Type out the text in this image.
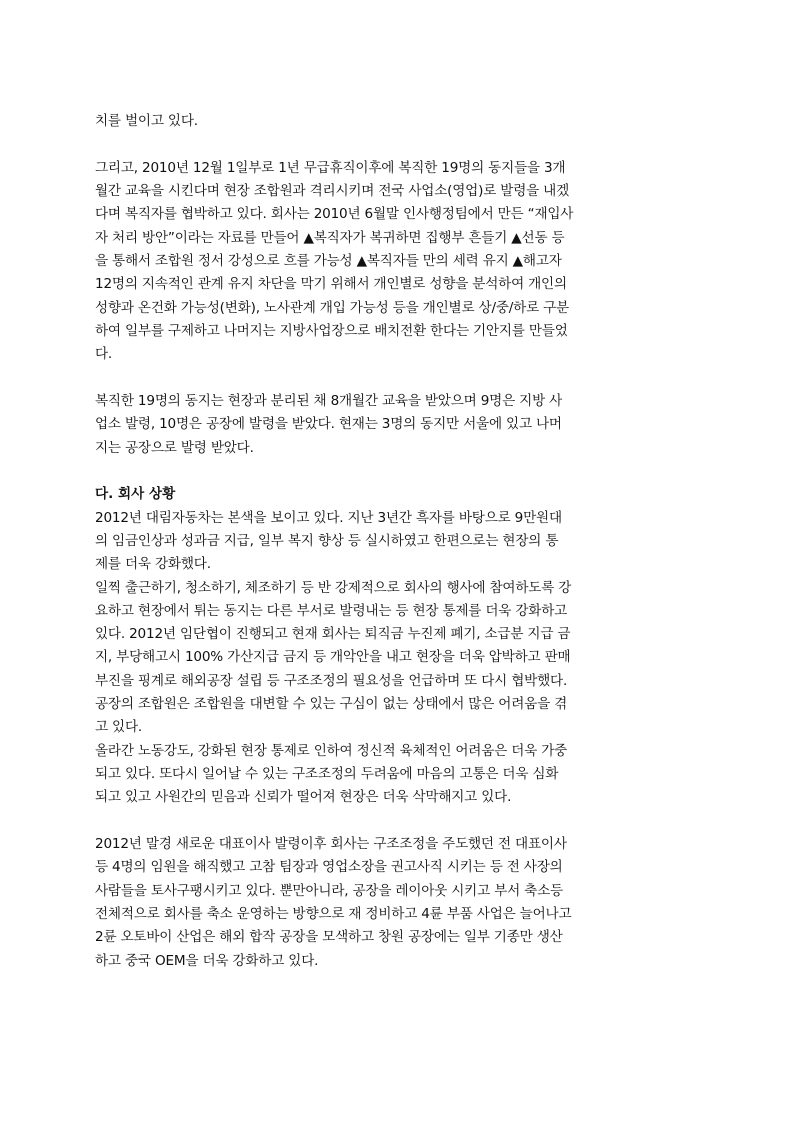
치를 벌이고 있다.

그리고, 2010년 12월 1일부로 1년 무급휴직이후에 복직한 19명의 동지들을 3개
월간 교육을 시킨다며 현장 조합원과 격리시키며 전국 사업소(영업)로 발령을 내겠
다며 복직자를 협박하고 있다. 회사는 2010년 6월말 인사행정팀에서 만든 “재입사
자 처리 방안”이라는 자료를 만들어 ▲복직자가 복귀하면 집행부 흔들기 ▲선동 등
을 통해서 조합원 정서 강성으로 흐를 가능성 ▲복직자들 만의 세력 유지 ▲해고자
12명의 지속적인 관계 유지 차단을 막기 위해서 개인별로 성향을 분석하여 개인의
성향과 온건화 가능성(변화), 노사관계 개입 가능성 등을 개인별로 상/중/하로 구분
하여 일부를 구제하고 나머지는 지방사업장으로 배치전환 한다는 기안지를 만들었
다.

복직한 19명의 동지는 현장과 분리된 채 8개월간 교육을 받았으며 9명은 지방 사
업소 발령, 10명은 공장에 발령을 받았다. 현재는 3명의 동지만 서울에 있고 나머
지는 공장으로 발령 받았다.

다. 회사 상황

2012년 대림자동차는 본색을 보이고 있다. 지난 3년간 흑자를 바탕으로 9만원대
의 임금인상과 성과금 지급, 일부 복지 향상 등 실시하였고 한편으로는 현장의 통
제를 더욱 강화했다.
일찍 출근하기, 청소하기, 체조하기 등 반 강제적으로 회사의 행사에 참여하도록 강
요하고 현장에서 튀는 동지는 다른 부서로 발령내는 등 현장 통제를 더욱 강화하고
있다. 2012년 임단협이 진행되고 현재 회사는 퇴직금 누진제 폐기, 소급분 지급 금
지, 부당해고시 100% 가산지급 금지 등 개악안을 내고 현장을 더욱 압박하고 판매
부진을 핑계로 해외공장 설립 등 구조조정의 필요성을 언급하며 또 다시 협박했다.
공장의 조합원은 조합원을 대변할 수 있는 구심이 없는 상태에서 많은 어려움을 겪
고 있다.
올라간 노동강도, 강화된 현장 통제로 인하여 정신적 육체적인 어려움은 더욱 가중
되고 있다. 또다시 일어날 수 있는 구조조정의 두려움에 마음의 고통은 더욱 심화
되고 있고 사원간의 믿음과 신뢰가 떨어져 현장은 더욱 삭막해지고 있다.

2012년 말경 새로운 대표이사 발령이후 회사는 구조조정을 주도했던 전 대표이사
등 4명의 임원을 해직했고 고참 팀장과 영업소장을 권고사직 시키는 등 전 사장의
사람들을 토사구팽시키고 있다. 뿐만아니라, 공장을 레이아웃 시키고 부서 축소등
전체적으로 회사를 축소 운영하는 방향으로 재 정비하고 4륜 부품 사업은 늘어나고
2륜 오토바이 산업은 해외 합작 공장을 모색하고 창원 공장에는 일부 기종만 생산
하고 중국 OEM을 더욱 강화하고 있다.
